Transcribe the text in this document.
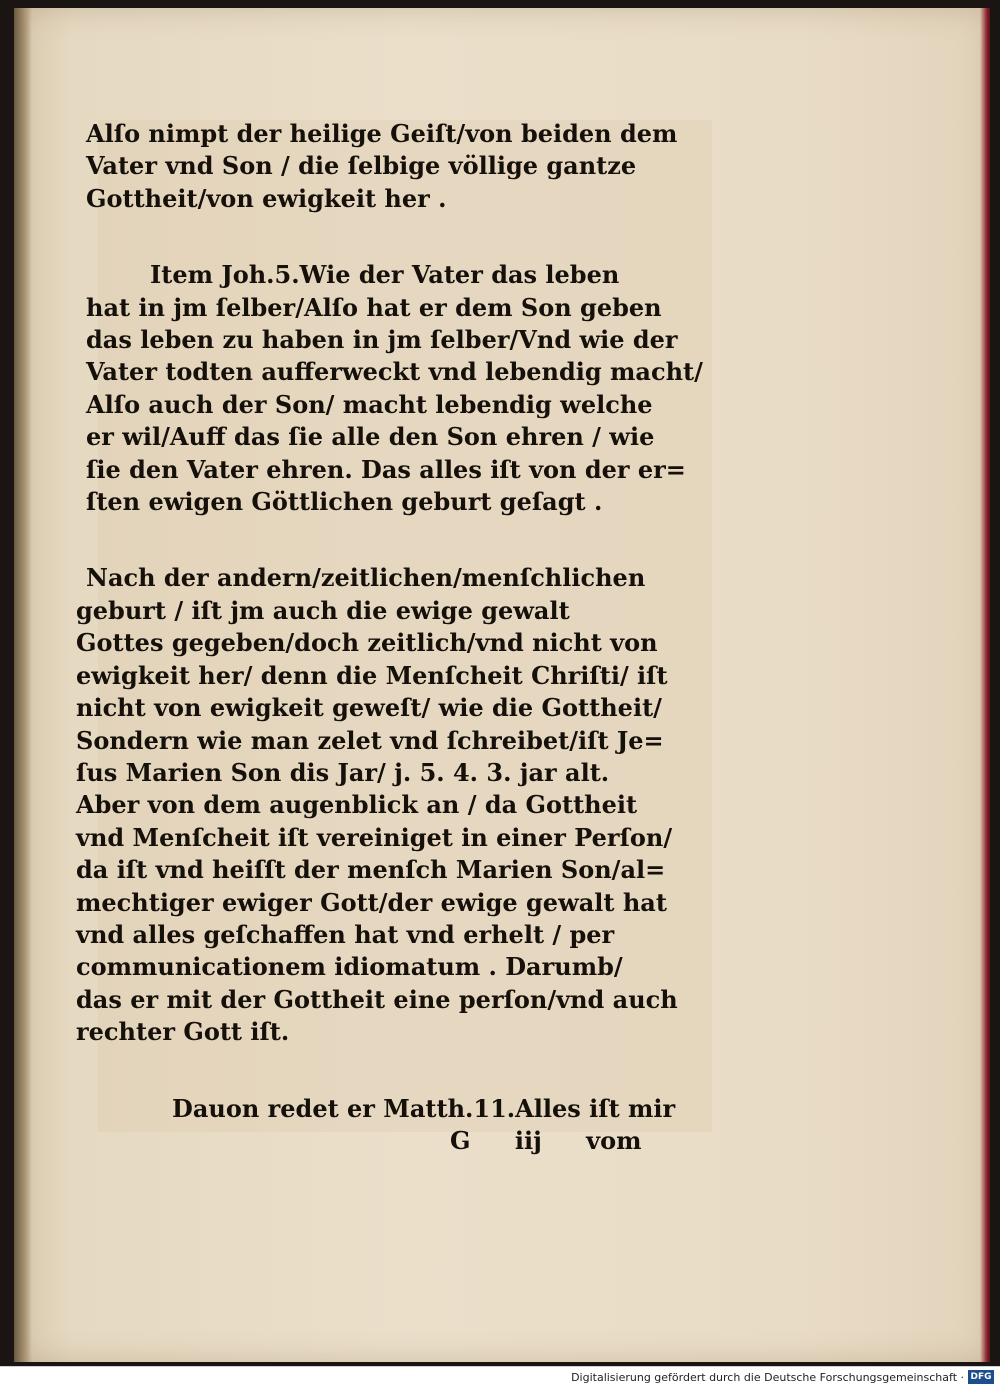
Alſo nimpt der heilige Geiſt/von beiden dem
Vater vnd Son / die ſelbige völlige gantze
Gottheit/von ewigkeit her .

Item Joh.5.Wie der Vater das leben
hat in jm ſelber/Alſo hat er dem Son geben
das leben zu haben in jm ſelber/Vnd wie der
Vater todten aufferweckt vnd lebendig macht/
Alſo auch der Son/ macht lebendig welche
er wil/Auff das ſie alle den Son ehren / wie
ſie den Vater ehren. Das alles iſt von der er=
ſten ewigen Göttlichen geburt geſagt .

Nach der andern/zeitlichen/menſchlichen
geburt / iſt jm auch die ewige gewalt
Gottes gegeben/doch zeitlich/vnd nicht von
ewigkeit her/ denn die Menſcheit Chriſti/ iſt
nicht von ewigkeit geweſt/ wie die Gottheit/
Sondern wie man zelet vnd ſchreibet/iſt Je=
ſus Marien Son dis Jar/ j. 5. 4. 3. jar alt.
Aber von dem augenblick an / da Gottheit
vnd Menſcheit iſt vereiniget in einer Perſon/
da iſt vnd heiſſt der menſch Marien Son/al=
mechtiger ewiger Gott/der ewige gewalt hat
vnd alles geſchaffen hat vnd erhelt / per
communicationem idiomatum . Darumb/
das er mit der Gottheit eine perſon/vnd auch
rechter Gott iſt.

Dauon redet er Matth.11.Alles iſt mir

G iij vom
Digitalisierung gefördert durch die Deutsche Forschungsgemeinschaft · DFG
